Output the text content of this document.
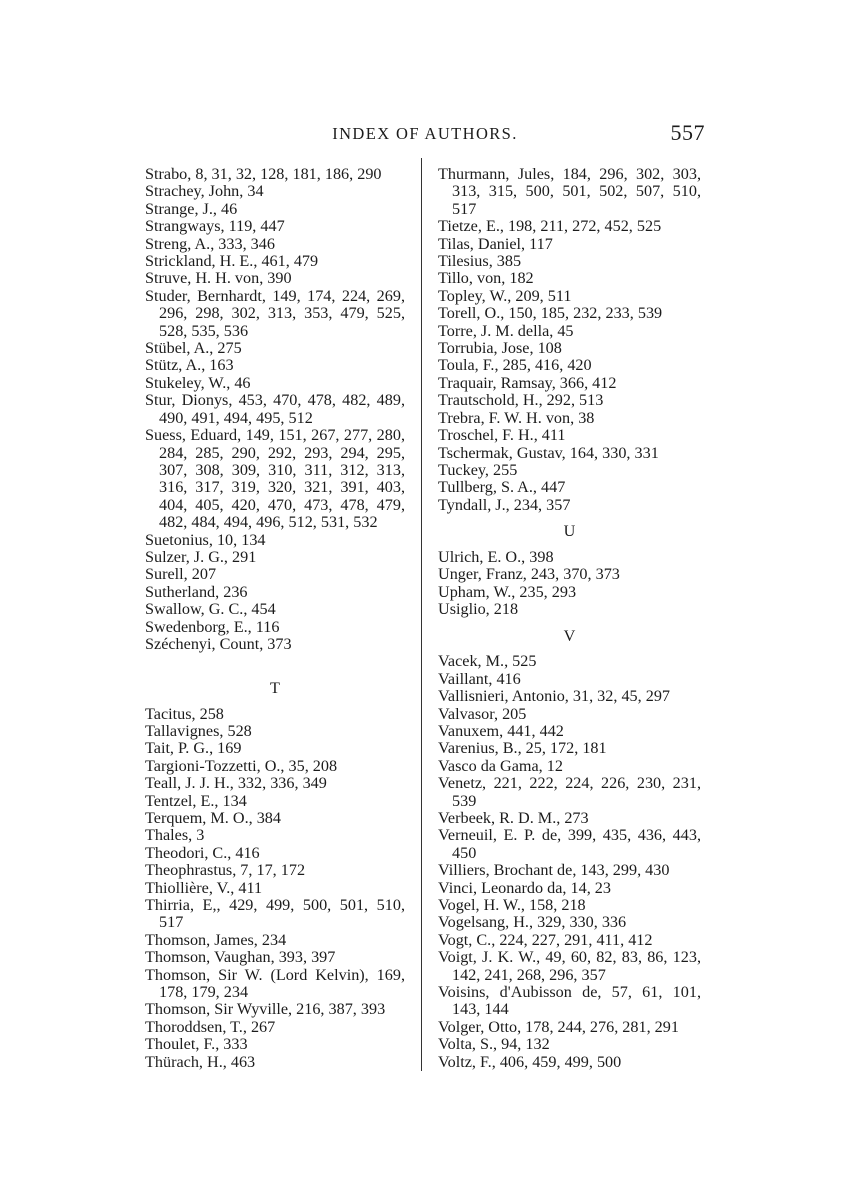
INDEX OF AUTHORS.	557

Strabo, 8, 31, 32, 128, 181, 186, 290

Strachey, John, 34

Strange, J., 46

Strangways, 119, 447

Streng, A., 333, 346

Strickland, H. E., 461, 479

Struve, H. H. von, 390

Studer, Bernhardt, 149, 174, 224, 269, 296, 298, 302, 313, 353, 479, 525, 528, 535, 536

Stübel, A., 275

Stütz, A., 163

Stukeley, W., 46

Stur, Dionys, 453, 470, 478, 482, 489, 490, 491, 494, 495, 512

Suess, Eduard, 149, 151, 267, 277, 280, 284, 285, 290, 292, 293, 294, 295, 307, 308, 309, 310, 311, 312, 313, 316, 317, 319, 320, 321, 391, 403, 404, 405, 420, 470, 473, 478, 479, 482, 484, 494, 496, 512, 531, 532

Suetonius, 10, 134

Sulzer, J. G., 291

Surell, 207

Sutherland, 236

Swallow, G. C., 454

Swedenborg, E., 116

Széchenyi, Count, 373

T

Tacitus, 258

Tallavignes, 528

Tait, P. G., 169

Targioni-Tozzetti, O., 35, 208

Teall, J. J. H., 332, 336, 349

Tentzel, E., 134

Terquem, M. O., 384

Thales, 3

Theodori, C., 416

Theophrastus, 7, 17, 172

Thiollière, V., 411

Thirria, E,, 429, 499, 500, 501, 510, 517

Thomson, James, 234

Thomson, Vaughan, 393, 397

Thomson, Sir W. (Lord Kelvin), 169, 178, 179, 234

Thomson, Sir Wyville, 216, 387, 393

Thoroddsen, T., 267

Thoulet, F., 333

Thürach, H., 463

Thurmann, Jules, 184, 296, 302, 303, 313, 315, 500, 501, 502, 507, 510, 517

Tietze, E., 198, 211, 272, 452, 525

Tilas, Daniel, 117

Tilesius, 385

Tillo, von, 182

Topley, W., 209, 511

Torell, O., 150, 185, 232, 233, 539

Torre, J. M. della, 45

Torrubia, Jose, 108

Toula, F., 285, 416, 420

Traquair, Ramsay, 366, 412

Trautschold, H., 292, 513

Trebra, F. W. H. von, 38

Troschel, F. H., 411

Tschermak, Gustav, 164, 330, 331

Tuckey, 255

Tullberg, S. A., 447

Tyndall, J., 234, 357

U

Ulrich, E. O., 398

Unger, Franz, 243, 370, 373

Upham, W., 235, 293

Usiglio, 218

V

Vacek, M., 525

Vaillant, 416

Vallisnieri, Antonio, 31, 32, 45, 297

Valvasor, 205

Vanuxem, 441, 442

Varenius, B., 25, 172, 181

Vasco da Gama, 12

Venetz, 221, 222, 224, 226, 230, 231, 539

Verbeek, R. D. M., 273

Verneuil, E. P. de, 399, 435, 436, 443, 450

Villiers, Brochant de, 143, 299, 430

Vinci, Leonardo da, 14, 23

Vogel, H. W., 158, 218

Vogelsang, H., 329, 330, 336

Vogt, C., 224, 227, 291, 411, 412

Voigt, J. K. W., 49, 60, 82, 83, 86, 123, 142, 241, 268, 296, 357

Voisins, d'Aubisson de, 57, 61, 101, 143, 144

Volger, Otto, 178, 244, 276, 281, 291

Volta, S., 94, 132

Voltz, F., 406, 459, 499, 500
